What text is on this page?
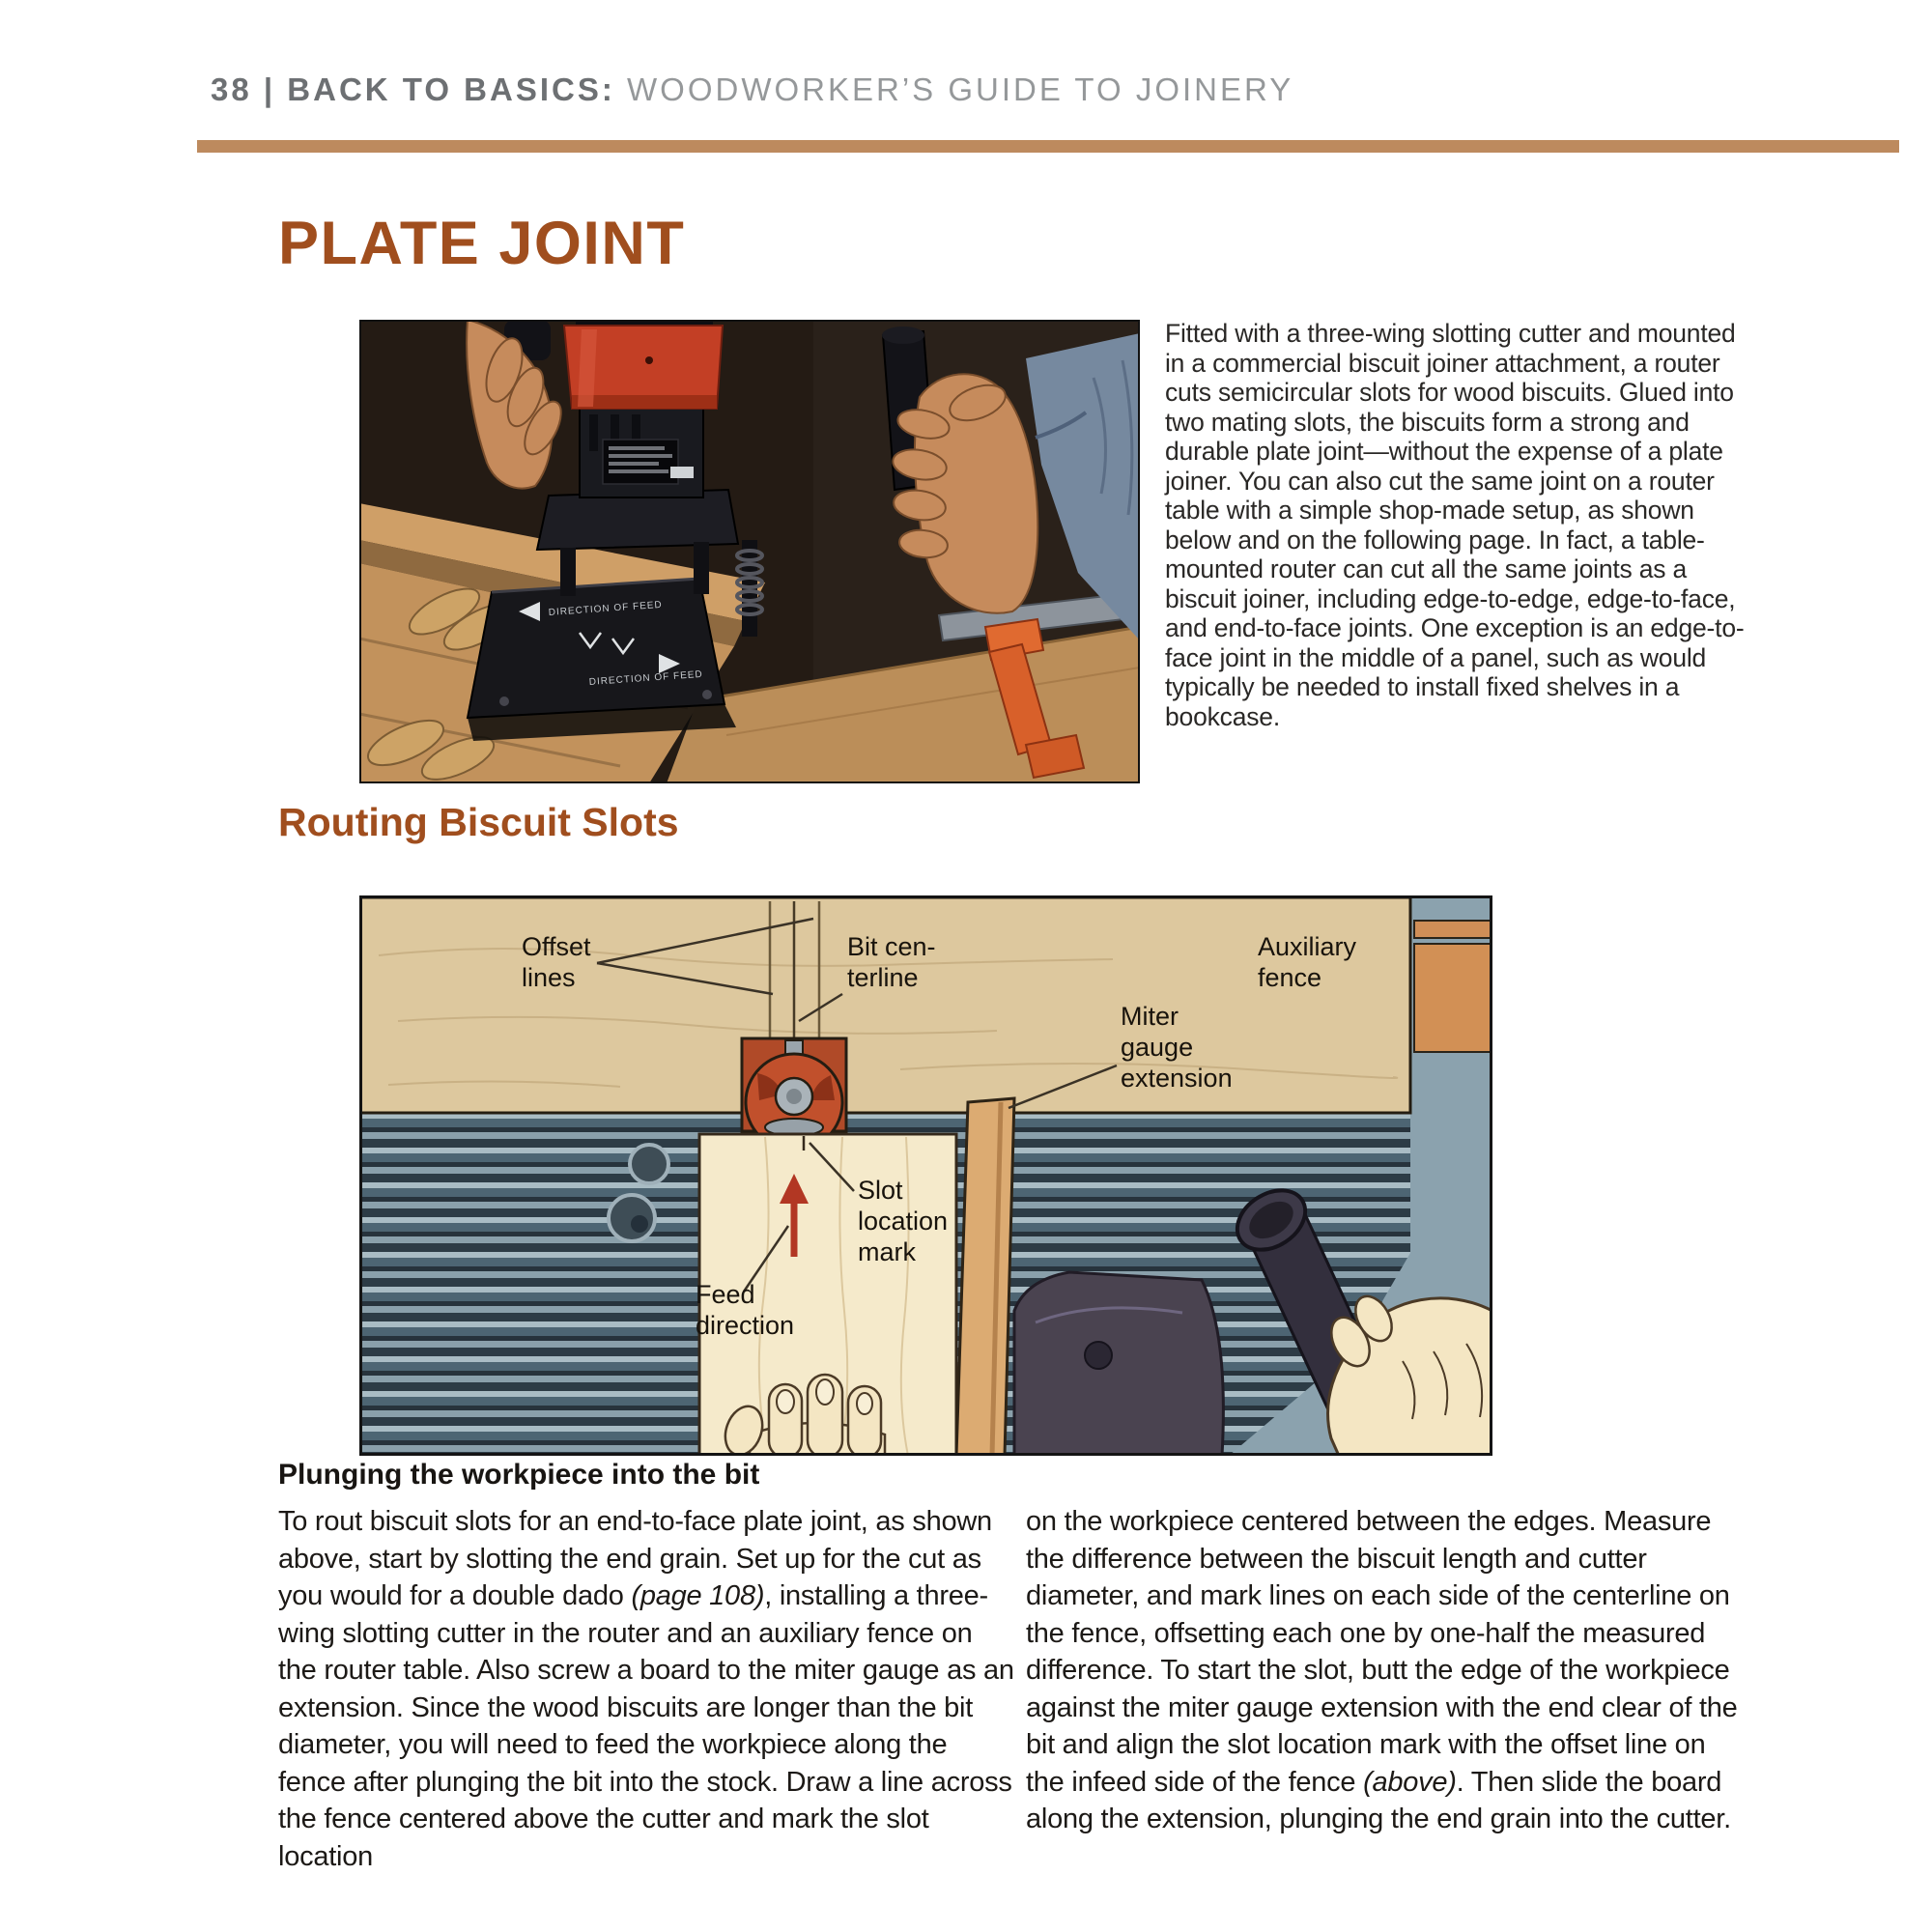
38 | BACK TO BASICS: WOODWORKER’S GUIDE TO JOINERY
PLATE JOINT
DIRECTION OF FEED
DIRECTION OF FEED
Fitted with a three-wing slotting cutter and mounted in a commercial biscuit joiner attachment, a router cuts semicircular slots for wood biscuits. Glued into two mating slots, the biscuits form a strong and durable plate joint—without the expense of a plate joiner. You can also cut the same joint on a router table with a simple shop-made setup, as shown below and on the following page. In fact, a table-mounted router can cut all the same joints as a biscuit joiner, including edge-to-edge, edge-to-face, and end-to-face joints. One exception is an edge-to-face joint in the middle of a panel, such as would typically be needed to install fixed shelves in a bookcase.
Routing Biscuit Slots
Offset
lines
Bit cen-
terline
Auxiliary
fence
Miter
gauge
extension
Slot
location
mark
Feed
direction
Plunging the workpiece into the bit
To rout biscuit slots for an end-to-face plate joint, as shown above, start by slotting the end grain. Set up for the cut as you would for a double dado (page 108), installing a three-wing slotting cutter in the router and an auxiliary fence on the router table. Also screw a board to the miter gauge as an extension. Since the wood biscuits are longer than the bit diameter, you will need to feed the workpiece along the fence after plunging the bit into the stock. Draw a line across the fence centered above the cutter and mark the slot location
on the workpiece centered between the edges. Measure the difference between the biscuit length and cutter diameter, and mark lines on each side of the centerline on the fence, offsetting each one by one-half the measured difference. To start the slot, butt the edge of the workpiece against the miter gauge extension with the end clear of the bit and align the slot location mark with the offset line on the infeed side of the fence (above). Then slide the board along the extension, plunging the end grain into the cutter.
